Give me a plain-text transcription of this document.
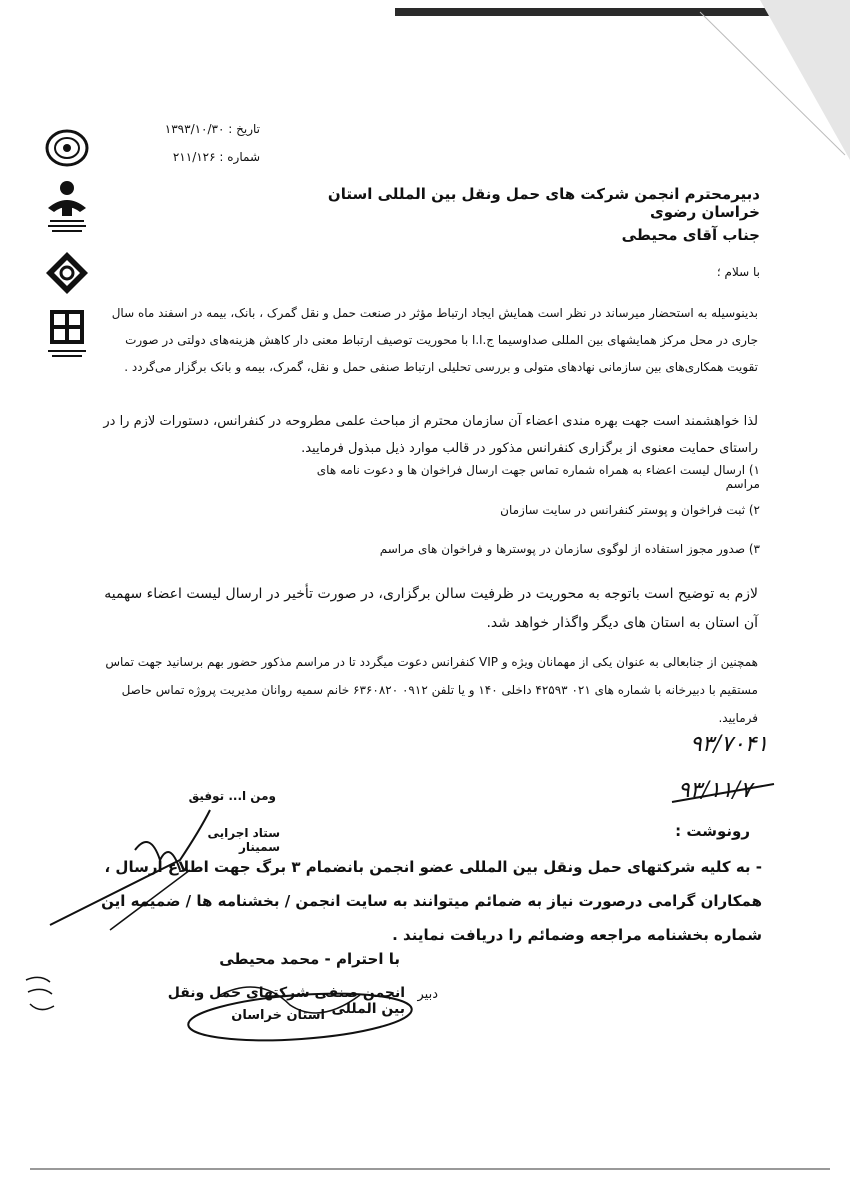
تاریخ : ۱۳۹۳/۱۰/۳۰
شماره : ۲۱۱/۱۲۶
دبیرمحترم انجمن شرکت های حمل ونقل بین المللی استان خراسان رضوی
جناب آقای محیطی
با سلام ؛
بدینوسیله به استحضار میرساند در نظر است همایش ایجاد ارتباط مؤثر در صنعت حمل و نقل گمرک ، بانک، بیمه در اسفند ماه سال جاری در محل مرکز همایشهای بین المللی صداوسیما ج.ا.ا با محوریت توصیف ارتباط معنی دار کاهش هزینه‌های دولتی در صورت تقویت همکاری‌های بین سازمانی نهادهای متولی و بررسی تحلیلی ارتباط صنفی حمل و نقل، گمرک، بیمه و بانک برگزار می‌گردد .
لذا خواهشمند است جهت بهره مندی اعضاء آن سازمان محترم از مباحث علمی مطروحه در کنفرانس، دستورات لازم را در راستای حمایت معنوی از برگزاری کنفرانس مذکور در قالب موارد ذیل مبذول فرمایید.
۱) ارسال لیست اعضاء به همراه شماره تماس جهت ارسال فراخوان ها و دعوت نامه های مراسم
۲) ثبت فراخوان و پوستر کنفرانس در سایت سازمان
۳) صدور مجوز استفاده از لوگوی سازمان در پوسترها و فراخوان های مراسم
لازم به توضیح است باتوجه به محوریت در ظرفیت سالن برگزاری، در صورت تأخیر در ارسال لیست اعضاء سهمیه آن استان به استان های دیگر واگذار خواهد شد.
همچنین از جنابعالی به عنوان یکی از مهمانان ویژه و VIP کنفرانس دعوت میگردد تا در مراسم مذکور حضور بهم برسانید جهت تماس مستقیم با دبیرخانه با شماره های ۰۲۱ ۴۲۵۹۳ داخلی ۱۴۰ و یا تلفن ۰۹۱۲ ۶۳۶۰۸۲۰ خانم سمیه روانان مدیریت پروژه تماس حاصل فرمایید.
۹۳/۷۰۴۱
۹۳/۱۱/۷
ومن ا... توفیق
ستاد اجرایی سمینار
رونوشت :
- به کلیه شرکتهای حمل ونقل بین المللی عضو انجمن بانضمام ۳ برگ جهت اطلاع ارسال ، همکاران گرامی درصورت نیاز به ضمائم میتوانند به سایت انجمن / بخشنامه ها / ضمیمه این شماره بخشنامه مراجعه وضمائم را دریافت نمایند .
با احترام - محمد محیطی
دبیر
انجمن صنفی شرکتهای حمل ونقل بین المللی
استان خراسان
